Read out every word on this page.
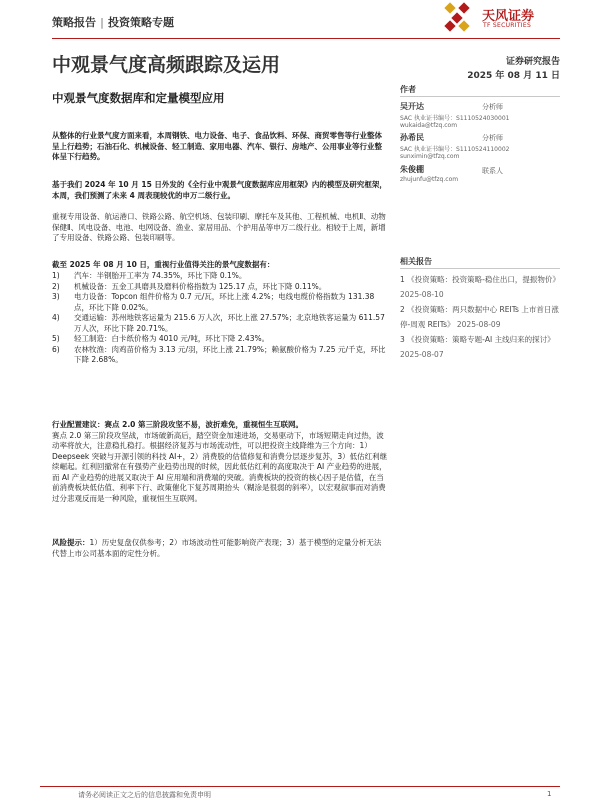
策略报告 | 投资策略专题	天风证券
TF SECURITIES
中观景气度高频跟踪及运用	证券研究报告
2025 年 08 月 11 日
中观景气度数据库和定量模型应用
作者
吴开达	分析师
SAC 执业证书编号：S1110524030001
wukaida@tfzq.com
孙希民	分析师
SAC 执业证书编号：S1110524110002
sunximin@tfzq.com
朱俊棚	联系人
zhujunfu@tfzq.com
相关报告
1 《投资策略：投资策略-稳住出口，提振物价》 2025-08-10
2 《投资策略：两只数据中心 REITs 上市首日涨停-周观 REITs》 2025-08-09
3 《投资策略：策略专题-AI 主线归来的探讨》 2025-08-07
从整体的行业景气度方面来看，本周钢铁、电力设备、电子、食品饮料、环保、商贸零售等行业整体呈上行趋势；石油石化、机械设备、轻工制造、家用电器、汽车、银行、房地产、公用事业等行业整体呈下行趋势。
基于我们 2024 年 10 月 15 日外发的《全行业中观景气度数据库应用框架》内的模型及研究框架，本周，我们预测了未来 4 周表现较优的申万二级行业。
重视专用设备、航运港口、铁路公路、航空机场、包装印刷、摩托车及其他、工程机械、电机Ⅱ、动物保健Ⅱ、风电设备、电池、电网设备、渔业、家居用品、个护用品等申万二级行业。相较于上周，新增了专用设备、铁路公路、包装印刷等。
截至 2025 年 08 月 10 日，重视行业值得关注的景气度数据有：
1)	汽车：半钢胎开工率为 74.35%，环比下降 0.1%。
2)	机械设备：五金工具磨具及磨料价格指数为 125.17 点，环比下降 0.11%。
3)	电力设备：Topcon 组件价格为 0.7 元/瓦，环比上涨 4.2%；电线电缆价格指数为 131.38 点，环比下降 0.02%。
4)	交通运输：苏州地铁客运量为 215.6 万人次，环比上涨 27.57%；北京地铁客运量为 611.57 万人次，环比下降 20.71%。
5)	轻工制造：白卡纸价格为 4010 元/吨，环比下降 2.43%。
6)	农林牧渔：肉鸡苗价格为 3.13 元/羽，环比上涨 21.79%；赖氨酸价格为 7.25 元/千克，环比下降 2.68%。

行业配置建议：赛点 2.0 第三阶段攻坚不易，波折难免，重视恒生互联网。

赛点 2.0 第三阶段攻坚战，市场破新高后，踏空资金加速进场，交易驱动下，市场短期走向过热，波动率将放大，注意稳扎稳打。根据经济复苏与市场流动性，可以把投资主线降维为三个方向：1）Deepseek 突破与开源引领的科技 AI+，2）消费股的估值修复和消费分层逐步复苏，3）低估红利继续崛起。红利回撤常在有强势产业趋势出现的时候，因此低估红利的高度取决于 AI 产业趋势的进展，而 AI 产业趋势的进展又取决于 AI 应用端和消费端的突破。消费板块的投资的核心因子是估值，在当前消费板块低估值、利率下行、政策催化下复苏周期抬头（糊涂是很弱的斜率），以宏观叙事而对消费过分悲观反而是一种风险，重视恒生互联网。

风险提示：1）历史复盘仅供参考；2）市场波动性可能影响资产表现；3）基于模型的定量分析无法代替上市公司基本面的定性分析。
请务必阅读正文之后的信息披露和免责申明	1
